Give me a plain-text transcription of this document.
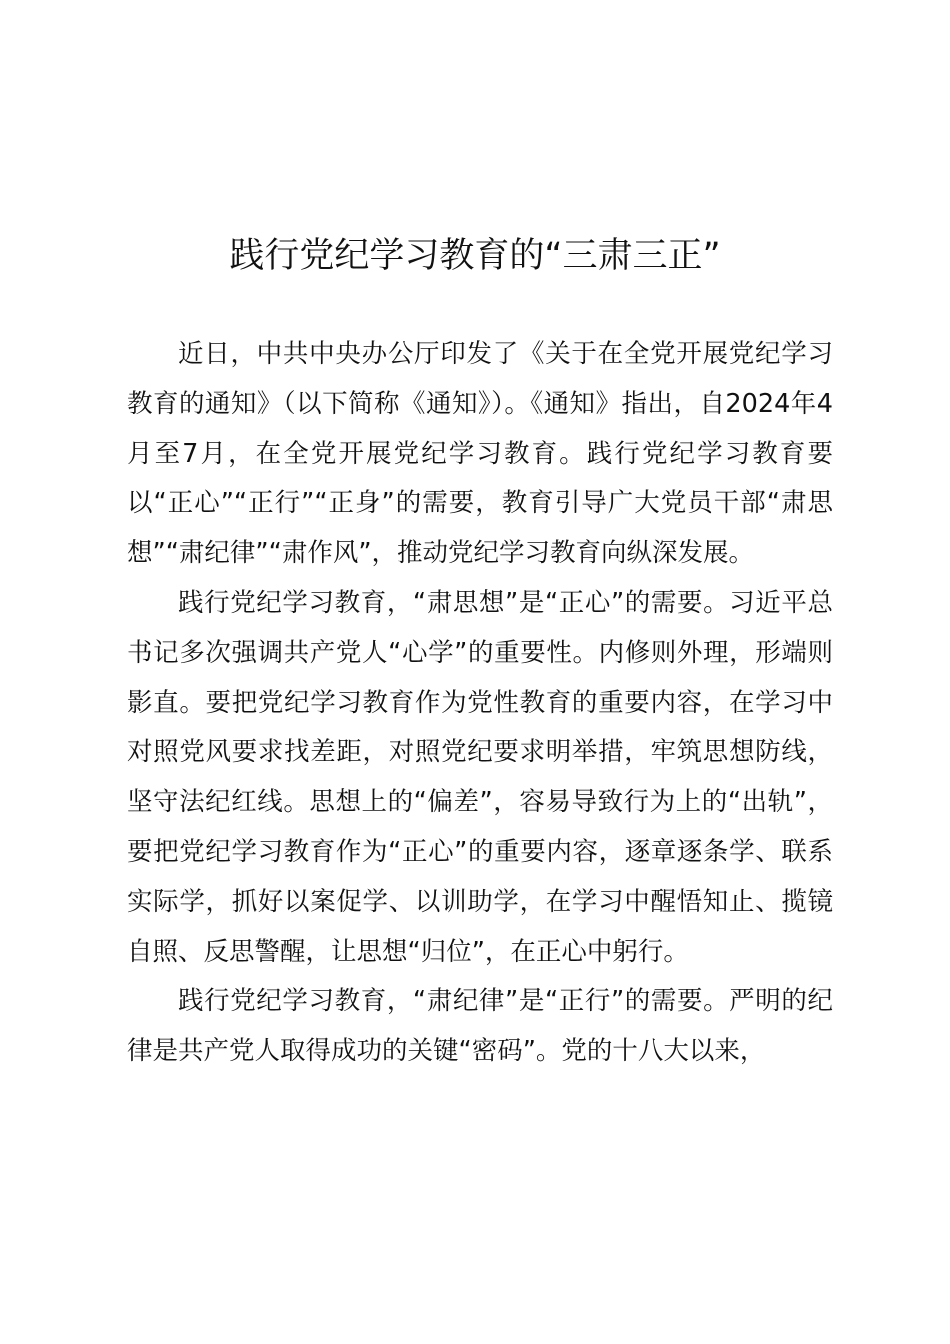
践行党纪学习教育的“三肃三正”

近日，中共中央办公厅印发了《关于在全党开展党纪学习教育的通知》（以下简称《通知》）。《通知》指出，自2024年4月至7月，在全党开展党纪学习教育。践行党纪学习教育要以“正心”“正行”“正身”的需要，教育引导广大党员干部“肃思想”“肃纪律”“肃作风”，推动党纪学习教育向纵深发展。

践行党纪学习教育，“肃思想”是“正心”的需要。习近平总书记多次强调共产党人“心学”的重要性。内修则外理，形端则影直。要把党纪学习教育作为党性教育的重要内容，在学习中对照党风要求找差距，对照党纪要求明举措，牢筑思想防线，坚守法纪红线。思想上的“偏差”，容易导致行为上的“出轨”，要把党纪学习教育作为“正心”的重要内容，逐章逐条学、联系实际学，抓好以案促学、以训助学，在学习中醒悟知止、揽镜自照、反思警醒，让思想“归位”，在正心中躬行。

践行党纪学习教育，“肃纪律”是“正行”的需要。严明的纪律是共产党人取得成功的关键“密码”。党的十八大以来，
